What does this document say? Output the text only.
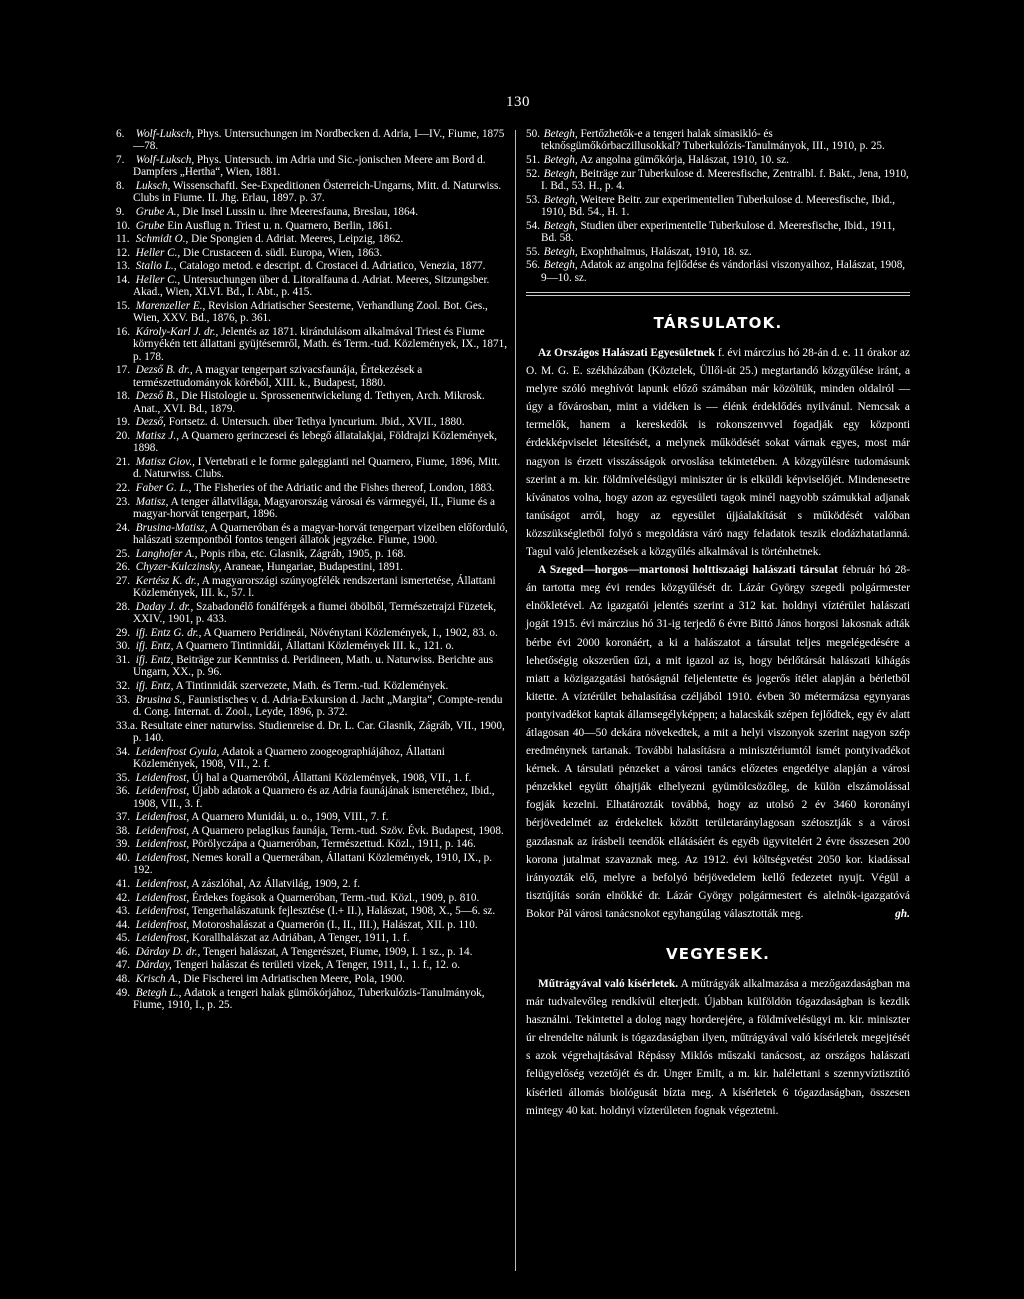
130
6. Wolf-Luksch, Phys. Untersuchungen im Nordbecken d. Adria, I—IV., Fiume, 1875—78.
7. Wolf-Luksch, Phys. Untersuch. im Adria und Sic.-jonischen Meere am Bord d. Dampfers „Hertha“, Wien, 1881.
8. Luksch, Wissenschaftl. See-Expeditionen Österreich-Ungarns, Mitt. d. Naturwiss. Clubs in Fiume. II. Jhg. Erlau, 1897. p. 37.
9. Grube A., Die Insel Lussin u. ihre Meeresfauna, Breslau, 1864.
10. Grube Ein Ausflug n. Triest u. n. Quarnero, Berlin, 1861.
11. Schmidt O., Die Spongien d. Adriat. Meeres, Leipzig, 1862.
12. Heller C., Die Crustaceen d. südl. Europa, Wien, 1863.
13. Stalio L., Catalogo metod. e descript. d. Crostacei d. Adriatico, Venezia, 1877.
14. Heller C., Untersuchungen über d. Litoralfauna d. Adriat. Meeres, Sitzungsber. Akad., Wien, XLVI. Bd., I. Abt., p. 415.
15. Marenzeller E., Revision Adriatischer Seesterne, Verhandlung Zool. Bot. Ges., Wien, XXV. Bd., 1876, p. 361.
16. Károly-Karl J. dr., Jelentés az 1871. kirándulásom alkalmával Triest és Fiume környékén tett állattani gyüjtésemről, Math. és Term.-tud. Közlemények, IX., 1871, p. 178.
17. Dezső B. dr., A magyar tengerpart szivacsfaunája, Értekezések a természettudományok köréből, XIII. k., Budapest, 1880.
18. Dezső B., Die Histologie u. Sprossenentwickelung d. Tethyen, Arch. Mikrosk. Anat., XVI. Bd., 1879.
19. Dezső, Fortsetz. d. Untersuch. über Tethya lyncurium. Jbid., XVII., 1880.
20. Matisz J., A Quarnero gerinczesei és lebegő állatalakjai, Földrajzi Közlemények, 1898.
21. Matisz Giov., I Vertebrati e le forme galeggianti nel Quarnero, Fiume, 1896, Mitt. d. Naturwiss. Clubs.
22. Faber G. L., The Fisheries of the Adriatic and the Fishes thereof, London, 1883.
23. Matisz, A tenger állatvilága, Magyarország városai és vármegyéi, II., Fiume és a magyar-horvát tengerpart, 1896.
24. Brusina-Matisz, A Quarneróban és a magyar-horvát tengerpart vizeiben előforduló, halászati szempontból fontos tengeri állatok jegyzéke. Fiume, 1900.
25. Langhofer A., Popis riba, etc. Glasnik, Zágráb, 1905, p. 168.
26. Chyzer-Kulczinsky, Araneae, Hungariae, Budapestini, 1891.
27. Kertész K. dr., A magyarországi szúnyogfélék rendszertani ismertetése, Állattani Közlemények, III. k., 57. l.
28. Daday J. dr., Szabadonélő fonálférgek a fiumei öbölből, Természetrajzi Füzetek, XXIV., 1901, p. 433.
29. ifj. Entz G. dr., A Quarnero Peridineái, Növénytani Közlemények, I., 1902, 83. o.
30. ifj. Entz, A Quarnero Tintinnidái, Állattani Közlemények III. k., 121. o.
31. ifj. Entz, Beiträge zur Kenntniss d. Peridineen, Math. u. Naturwiss. Berichte aus Ungarn, XX., p. 96.
32. ifj. Entz, A Tintinnidák szervezete, Math. és Term.-tud. Közlemények.
33. Brusina S., Faunistisches v. d. Adria-Exkursion d. Jacht „Margita“, Compte-rendu d. Cong. Internat. d. Zool., Leyde, 1896, p. 372.
33.a. Resultate einer naturwiss. Studienreise d. Dr. L. Car. Glasnik, Zágráb, VII., 1900, p. 140.
34. Leidenfrost Gyula, Adatok a Quarnero zoogeographiájához, Állattani Közlemények, 1908, VII., 2. f.
35. Leidenfrost, Új hal a Quarneróból, Állattani Közlemények, 1908, VII., 1. f.
36. Leidenfrost, Újabb adatok a Quarnero és az Adria faunájának ismeretéhez, Ibid., 1908, VII., 3. f.
37. Leidenfrost, A Quarnero Munidái, u. o., 1909, VIII., 7. f.
38. Leidenfrost, A Quarnero pelagikus faunája, Term.-tud. Szöv. Évk. Budapest, 1908.
39. Leidenfrost, Pörölyczápa a Quarneróban, Természettud. Közl., 1911, p. 146.
40. Leidenfrost, Nemes korall a Quernerában, Állattani Közlemények, 1910, IX., p. 192.
41. Leidenfrost, A zászlóhal, Az Állatvilág, 1909, 2. f.
42. Leidenfrost, Érdekes fogások a Quarneróban, Term.-tud. Közl., 1909, p. 810.
43. Leidenfrost, Tengerhalászatunk fejlesztése (I.+ II.), Halászat, 1908, X., 5—6. sz.
44. Leidenfrost, Motoroshalászat a Quarnerón (I., II., III.), Halászat, XII. p. 110.
45. Leidenfrost, Korallhalászat az Adriában, A Tenger, 1911, 1. f.
46. Dárday D. dr., Tengeri halászat, A Tengerészet, Fiume, 1909, I. 1 sz., p. 14.
47. Dárday, Tengeri halászat és területi vizek, A Tenger, 1911, I., 1. f., 12. o.
48. Krisch A., Die Fischerei im Adriatischen Meere, Pola, 1900.
49. Betegh L., Adatok a tengeri halak gümőkórjához, Tuberkulózis-Tanulmányok, Fiume, 1910, I., p. 25.
50. Betegh, Fertőzhetők-e a tengeri halak símasikló- és teknősgümőkórbaczillusokkal? Tuberkulózis-Tanulmányok, III., 1910, p. 25.
51. Betegh, Az angolna gümőkórja, Halászat, 1910, 10. sz.
52. Betegh, Beiträge zur Tuberkulose d. Meeresfische, Zentralbl. f. Bakt., Jena, 1910, I. Bd., 53. H., p. 4.
53. Betegh, Weitere Beitr. zur experimentellen Tuberkulose d. Meeresfische, Ibid., 1910, Bd. 54., H. 1.
54. Betegh, Studien über experimentelle Tuberkulose d. Meeresfische, Ibid., 1911, Bd. 58.
55. Betegh, Exophthalmus, Halászat, 1910, 18. sz.
56. Betegh, Adatok az angolna fejlődése és vándorlási viszonyaihoz, Halászat, 1908, 9—10. sz.
TÁRSULATOK.

Az Országos Halászati Egyesületnek f. évi márczius hó 28-án d. e. 11 órakor az O. M. G. E. székházában (Köztelek, Üllői-út 25.) megtartandó közgyűlése iránt, a melyre szóló meghívót lapunk előző számában már közöltük, minden oldalról — úgy a fővárosban, mint a vidéken is — élénk érdeklődés nyilvánul. Nemcsak a termelők, hanem a kereskedők is rokonszenvvel fogadják egy központi érdekképviselet létesítését, a melynek működését sokat várnak egyes, most már nagyon is érzett visszásságok orvoslása tekintetében. A közgyűlésre tudomásunk szerint a m. kir. földmívelésügyi miniszter úr is elküldi képviselőjét. Mindenesetre kívánatos volna, hogy azon az egyesületi tagok minél nagyobb számukkal adjanak tanúságot arról, hogy az egyesület újjáalakítását s működését valóban közszükségletből folyó s megoldásra váró nagy feladatok teszik elodázhatatlanná. Tagul való jelentkezések a közgyűlés alkalmával is történhetnek.

A Szeged—horgos—martonosi holttiszaági halászati társulat február hó 28-án tartotta meg évi rendes közgyűlését dr. Lázár György szegedi polgármester elnökletével. Az igazgatói jelentés szerint a 312 kat. holdnyi víztérület halászati jogát 1915. évi márczius hó 31-ig terjedő 6 évre Bittó János horgosi lakosnak adták bérbe évi 2000 koronáért, a ki a halászatot a társulat teljes megelégedésére a lehetőségig okszerűen űzi, a mit igazol az is, hogy bérlőtársát halászati kihágás miatt a közigazgatási hatóságnál feljelentette és jogerős ítélet alapján a bérletből kitette. A víztérület behalasítása czéljából 1910. évben 30 métermázsa egynyaras pontyivadékot kaptak államsegélyképpen; a halacskák szépen fejlődtek, egy év alatt átlagosan 40—50 dekára növekedtek, a mit a helyi viszonyok szerint nagyon szép eredménynek tartanak. További halasításra a minisztériumtól ismét pontyivadékot kérnek. A társulati pénzeket a városi tanács előzetes engedélye alapján a városi pénzekkel együtt óhajtják elhelyezni gyümölcsözőleg, de külön elszámolással fogják kezelni. Elhatározták továbbá, hogy az utolsó 2 év 3460 koronányi bérjövedelmét az érdekeltek között területaránylagosan szétosztják s a városi gazdasnak az írásbeli teendők ellátásáért és egyéb ügyvitelért 2 évre összesen 200 korona jutalmat szavaznak meg. Az 1912. évi költségvetést 2050 kor. kiadással irányozták elő, melyre a befolyó bérjövedelem kellő fedezetet nyujt. Végül a tisztújítás során elnökké dr. Lázár György polgármestert és alelnök-igazgatóvá Bokor Pál városi tanácsnokot egyhangúlag választották meg.	gh.

VEGYESEK.

Műtrágyával való kísérletek. A műtrágyák alkalmazása a mezőgazdaságban ma már tudvalevőleg rendkívül elterjedt. Újabban külföldön tógazdaságban is kezdik használni. Tekintettel a dolog nagy horderejére, a földmívelésügyi m. kir. miniszter úr elrendelte nálunk is tógazdaságban ilyen, műtrágyával való kísérletek megejtését s azok végrehajtásával Répássy Miklós műszaki tanácsost, az országos halászati felügyelőség vezetőjét és dr. Unger Emilt, a m. kir. halélettani s szennyvíztisztító kísérleti állomás biológusát bízta meg. A kísérletek 6 tógazdaságban, összesen mintegy 40 kat. holdnyi vízterületen fognak végeztetni.
